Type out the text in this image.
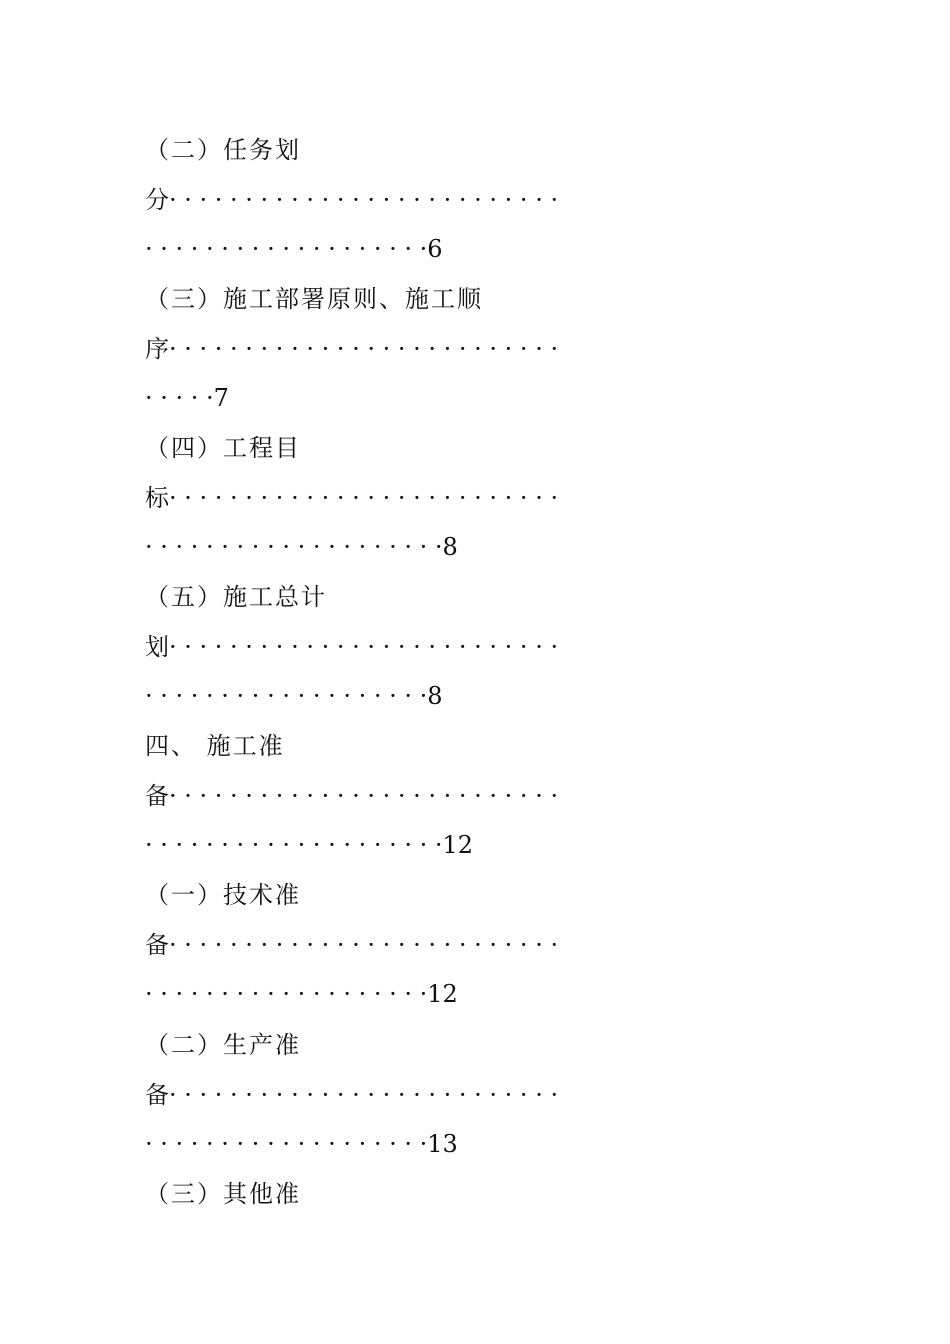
（二）任务划
分· · · · · · · · · · · · · · · · · · · · · · · · · ·
· · · · · · · · · · · · · · · · · · ·6
（三）施工部署原则、施工顺
序· · · · · · · · · · · · · · · · · · · · · · · · · ·
· · · · ·7
（四）工程目
标· · · · · · · · · · · · · · · · · · · · · · · · · ·
· · · · · · · · · · · · · · · · · · · ·8
（五）施工总计
划· · · · · · · · · · · · · · · · · · · · · · · · · ·
· · · · · · · · · · · · · · · · · · ·8
四、 施工准
备· · · · · · · · · · · · · · · · · · · · · · · · · ·
· · · · · · · · · · · · · · · · · · · ·12
（一）技术准
备· · · · · · · · · · · · · · · · · · · · · · · · · ·
· · · · · · · · · · · · · · · · · · ·12
（二）生产准
备· · · · · · · · · · · · · · · · · · · · · · · · · ·
· · · · · · · · · · · · · · · · · · ·13
（三）其他准
